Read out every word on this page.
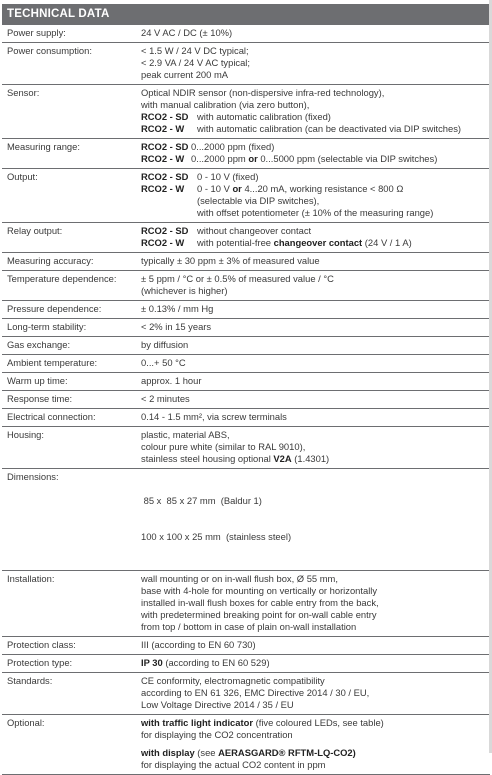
TECHNICAL DATA
Power supply:	24 V AC / DC (± 10%)
Power consumption:	< 1.5 W / 24 V DC typical;
< 2.9 VA / 24 V AC typical;
peak current 200 mA
Sensor:	Optical NDIR sensor (non-dispersive infra-red technology),
with manual calibration (via zero button),
RCO2 - SD with automatic calibration (fixed)
RCO2 - W with automatic calibration (can be deactivated via DIP switches)
Measuring range:	RCO2 - SD 0...2000 ppm (fixed)
RCO2 - W 0...2000 ppm or 0...5000 ppm (selectable via DIP switches)
Output:	RCO2 - SD 0 - 10 V (fixed)
RCO2 - W 0 - 10 V or 4...20 mA, working resistance < 800 Ω
(selectable via DIP switches),
with offset potentiometer (± 10% of the measuring range)
Relay output:	RCO2 - SD without changeover contact
RCO2 - W with potential-free changeover contact (24 V / 1 A)
Measuring accuracy:	typically ± 30 ppm ± 3% of measured value
Temperature dependence:	± 5 ppm / °C or ± 0.5% of measured value / °C
(whichever is higher)
Pressure dependence:	± 0.13% / mm Hg
Long-term stability:	< 2% in 15 years
Gas exchange:	by diffusion
Ambient temperature:	0...+ 50 °C
Warm up time:	approx. 1 hour
Response time:	< 2 minutes
Electrical connection:	0.14 - 1.5 mm², via screw terminals
Housing:	plastic, material ABS,
colour pure white (similar to RAL 9010),
stainless steel housing optional V2A (1.4301)
Dimensions:

85 x  85 x 27 mm  (Baldur 1)

100 x 100 x 25 mm  (stainless steel)

Installation:	wall mounting or on in-wall flush box, Ø 55 mm,
base with 4-hole for mounting on vertically or horizontally
installed in-wall flush boxes for cable entry from the back,
with predetermined breaking point for on-wall cable entry
from top / bottom in case of plain on-wall installation
Protection class:	III (according to EN 60 730)
Protection type:	IP 30 (according to EN 60 529)
Standards:	CE conformity, electromagnetic compatibility
according to EN 61 326, EMC Directive 2014 / 30 / EU,
Low Voltage Directive 2014 / 35 / EU
Optional:	with traffic light indicator (five coloured LEDs, see table)
for displaying the CO2 concentration
with display (see AERASGARD® RFTM-LQ-CO2)
for displaying the actual CO2 content in ppm
